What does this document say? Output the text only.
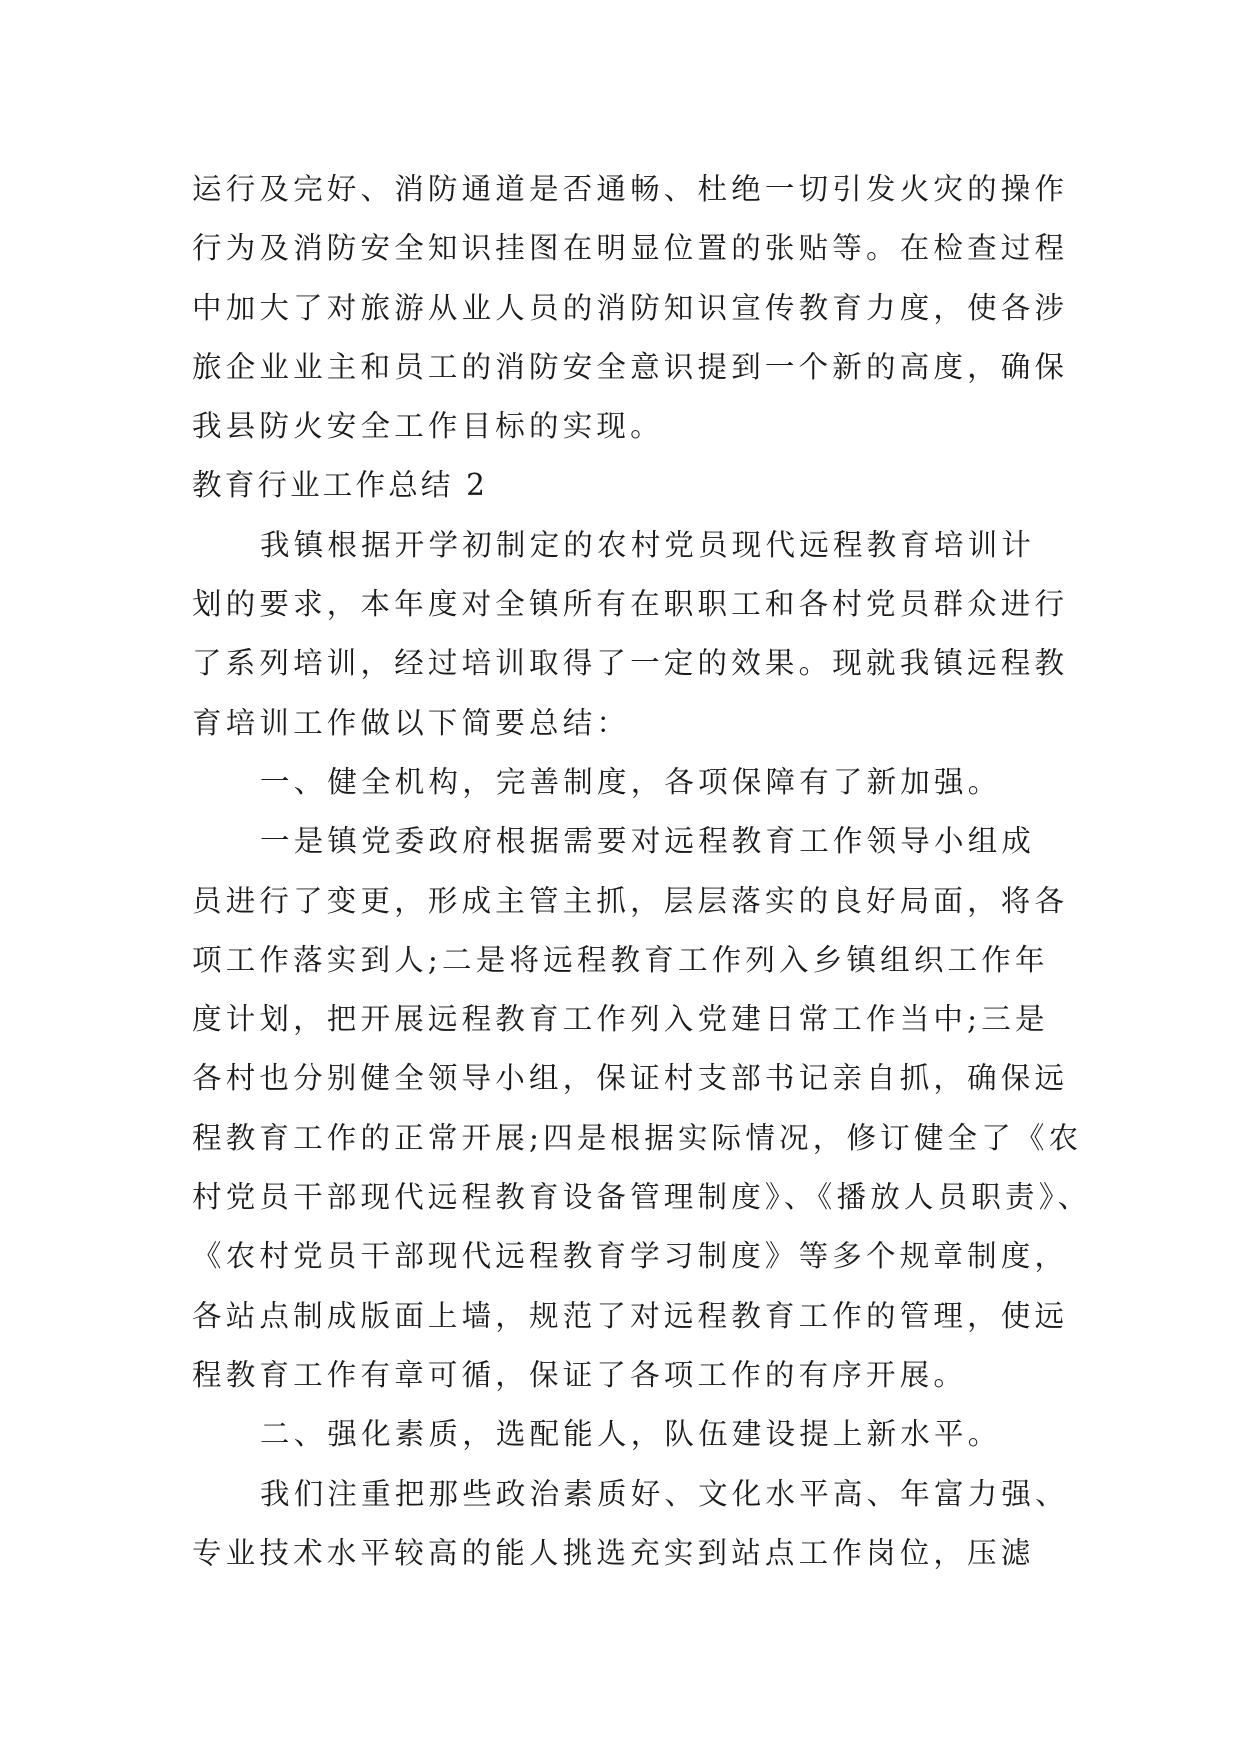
运行及完好、消防通道是否通畅、杜绝一切引发火灾的操作
行为及消防安全知识挂图在明显位置的张贴等。在检查过程
中加大了对旅游从业人员的消防知识宣传教育力度，使各涉
旅企业业主和员工的消防安全意识提到一个新的高度，确保
我县防火安全工作目标的实现。
教育行业工作总结 2
我镇根据开学初制定的农村党员现代远程教育培训计
划的要求，本年度对全镇所有在职职工和各村党员群众进行
了系列培训，经过培训取得了一定的效果。现就我镇远程教
育培训工作做以下简要总结：
一、健全机构，完善制度，各项保障有了新加强。
一是镇党委政府根据需要对远程教育工作领导小组成
员进行了变更，形成主管主抓，层层落实的良好局面，将各
项工作落实到人;二是将远程教育工作列入乡镇组织工作年
度计划，把开展远程教育工作列入党建日常工作当中;三是
各村也分别健全领导小组，保证村支部书记亲自抓，确保远
程教育工作的正常开展;四是根据实际情况，修订健全了《农
村党员干部现代远程教育设备管理制度》、《播放人员职责》、
《农村党员干部现代远程教育学习制度》等多个规章制度，
各站点制成版面上墙，规范了对远程教育工作的管理，使远
程教育工作有章可循，保证了各项工作的有序开展。
二、强化素质，选配能人，队伍建设提上新水平。
我们注重把那些政治素质好、文化水平高、年富力强、
专业技术水平较高的能人挑选充实到站点工作岗位，压滤
